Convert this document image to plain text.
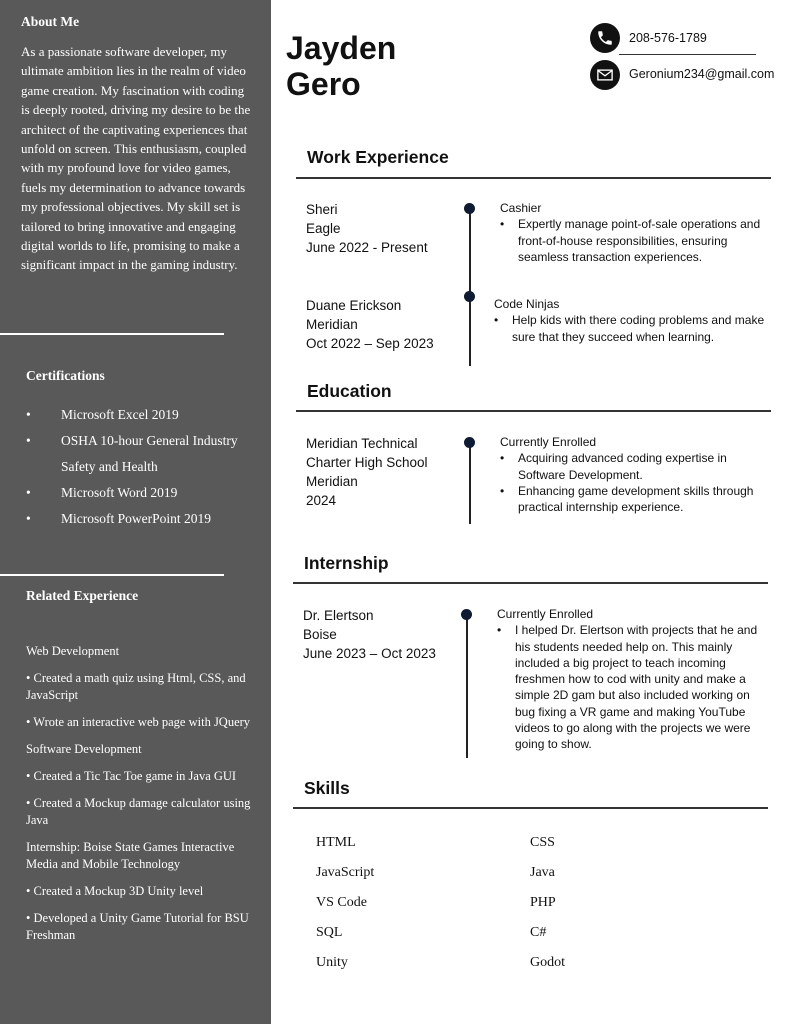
About Me
As a passionate software developer, my ultimate ambition lies in the realm of video game creation. My fascination with coding is deeply rooted, driving my desire to be the architect of the captivating experiences that unfold on screen. This enthusiasm, coupled with my profound love for video games, fuels my determination to advance towards my professional objectives. My skill set is tailored to bring innovative and engaging digital worlds to life, promising to make a significant impact in the gaming industry.
Certifications
• Microsoft Excel 2019
• OSHA 10-hour General Industry Safety and Health
• Microsoft Word 2019
• Microsoft PowerPoint 2019
Related Experience
Web Development
• Created a math quiz using Html, CSS, and JavaScript
• Wrote an interactive web page with JQuery
Software Development
• Created a Tic Tac Toe game in Java GUI
• Created a Mockup damage calculator using Java
Internship: Boise State Games Interactive Media and Mobile Technology
• Created a Mockup 3D Unity level
• Developed a Unity Game Tutorial for BSU Freshman
Jayden
Gero
208-576-1789
Geronium234@gmail.com
Work Experience
Sheri
Eagle
June 2022 - Present
Cashier
• Expertly manage point-of-sale operations and front-of-house responsibilities, ensuring seamless transaction experiences.
Duane Erickson
Meridian
Oct 2022 – Sep 2023
Code Ninjas
• Help kids with there coding problems and make sure that they succeed when learning.
Education
Meridian Technical
Charter High School
Meridian
2024
Currently Enrolled
• Acquiring advanced coding expertise in Software Development.
• Enhancing game development skills through practical internship experience.
Internship
Dr. Elertson
Boise
June 2023 – Oct 2023
Currently Enrolled
• I helped Dr. Elertson with projects that he and his students needed help on. This mainly included a big project to teach incoming freshmen how to cod with unity and make a simple 2D gam but also included working on bug fixing a VR game and making YouTube videos to go along with the projects we were going to show.
Skills
HTML	CSS
JavaScript	Java
VS Code	PHP
SQL	C#
Unity	Godot
